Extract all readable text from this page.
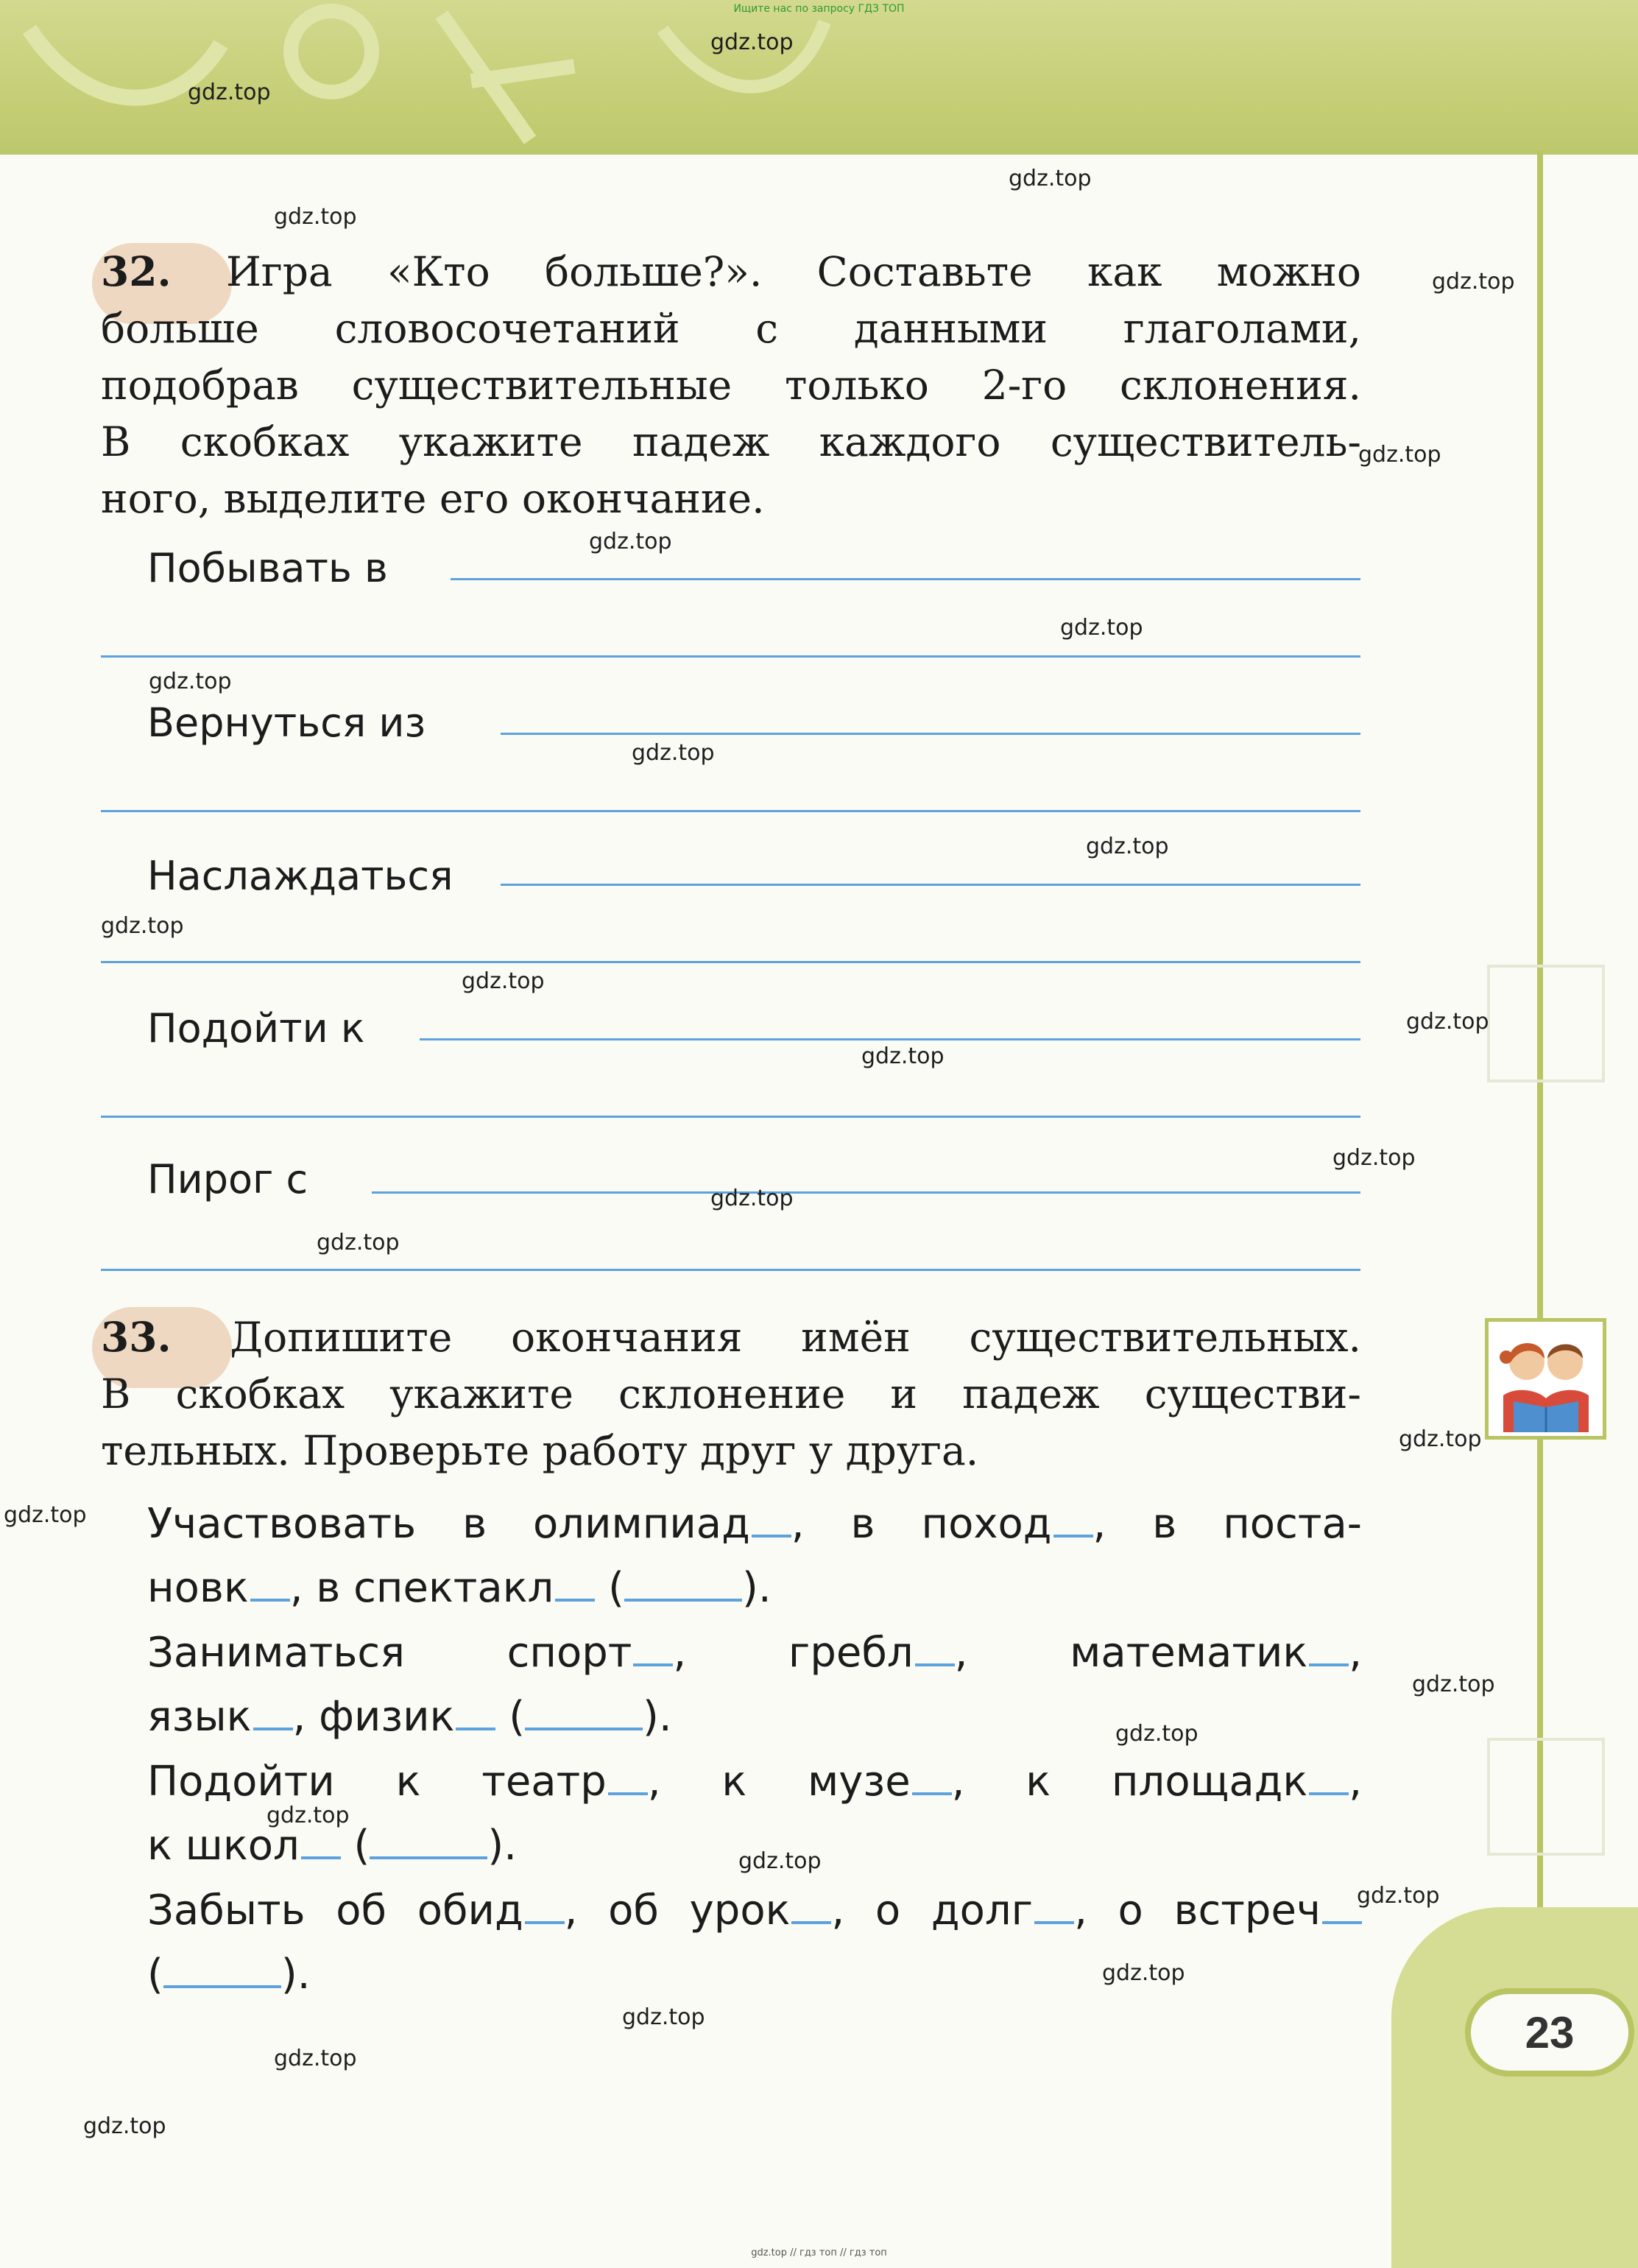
Ищите нас по запросу ГДЗ ТОП
23
32. Игра «Кто больше?». Составьте как можно
больше словосочетаний с данными глаголами,
подобрав существительные только 2-го склонения.
В скобках укажите падеж каждого существитель-
ного, выделите его окончание.
Побывать в
Вернуться из
Наслаждаться
Подойти к
Пирог с
33. Допишите окончания имён существительных.
В скобках укажите склонение и падеж существи-
тельных. Проверьте работу друг у друга.
Участвовать в олимпиад , в поход , в поста-
новк , в спектакл (	).
Заниматься спорт , гребл , математик ,
язык , физик (	).
Подойти к театр , к музе , к площадк ,
к школ (	).
Забыть об обид , об урок , о долг , о встреч
(	).
gdz.top // гдз топ // гдз топ
gdz.top
gdz.top
gdz.top
gdz.top
gdz.top
gdz.top
gdz.top
gdz.top
gdz.top
gdz.top
gdz.top
gdz.top
gdz.top
gdz.top
gdz.top
gdz.top
gdz.top
gdz.top
gdz.top
gdz.top
gdz.top
gdz.top
gdz.top
gdz.top
gdz.top
gdz.top
gdz.top
gdz.top
gdz.top
